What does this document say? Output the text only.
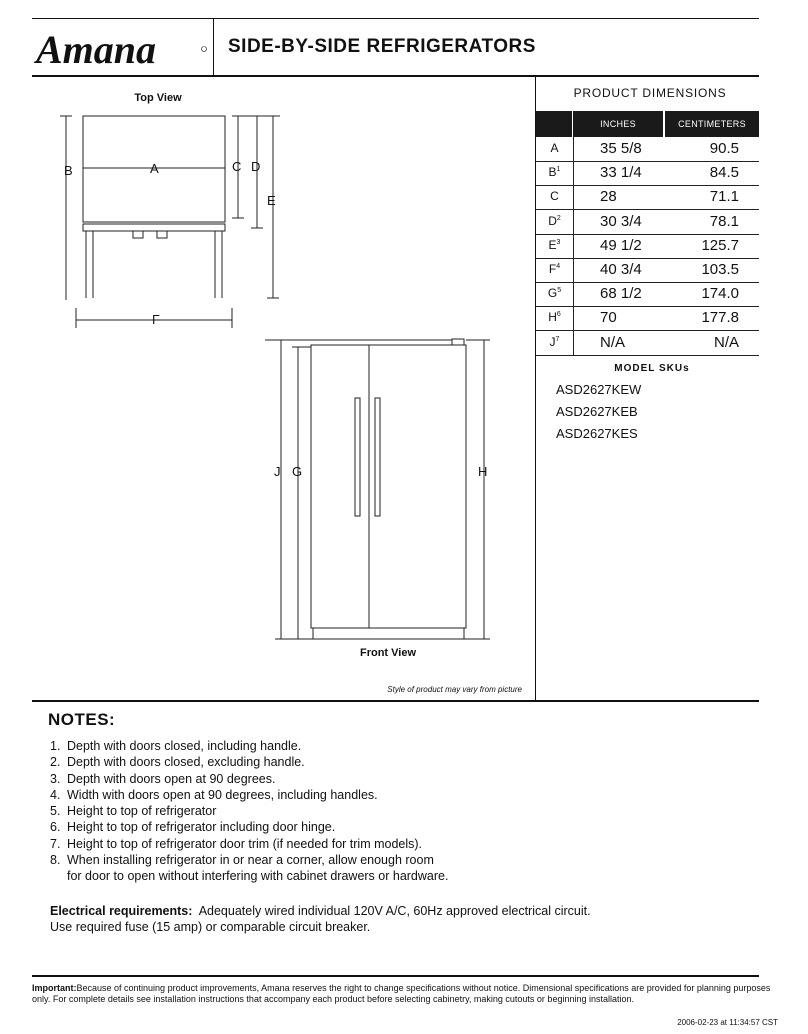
Amana	SIDE-BY-SIDE REFRIGERATORS
Top View
B	A	C D
E
F
J G	H
Front View
Style of product may vary from picture
PRODUCT DIMENSIONS
INCHES	CENTIMETERS
A	35 5/8	90.5
$B^1$	33 1/4	84.5
C	28	71.1
$D^2$	30 3/4	78.1
$E^3$	49 1/2	125.7
$F^4$	40 3/4	103.5
$G^5$	68 1/2	174.0
$H^6$	70	177.8
$J^7$	N/A	N/A
MODEL SKUs
ASD2627KEW
ASD2627KEB
ASD2627KES
NOTES:
1. Depth with doors closed, including handle.
2. Depth with doors closed, excluding handle.
3. Depth with doors open at 90 degrees.
4. Width with doors open at 90 degrees, including handles.
5. Height to top of refrigerator
6. Height to top of refrigerator including door hinge.
7. Height to top of refrigerator door trim (if needed for trim models).
8. When installing refrigerator in or near a corner, allow enough room
for door to open without interfering with cabinet drawers or hardware.
Electrical requirements: Adequately wired individual 120V A/C, 60Hz approved electrical circuit.
Use required fuse (15 amp) or comparable circuit breaker.
Important:Because of continuing product improvements, Amana reserves the right to change specifications without notice. Dimensional specifications are provided for planning purposes only. For complete details see installation instructions that accompany each product before selecting cabinetry, making cutouts or beginning installation.
2006-02-23 at 11:34:57 CST
